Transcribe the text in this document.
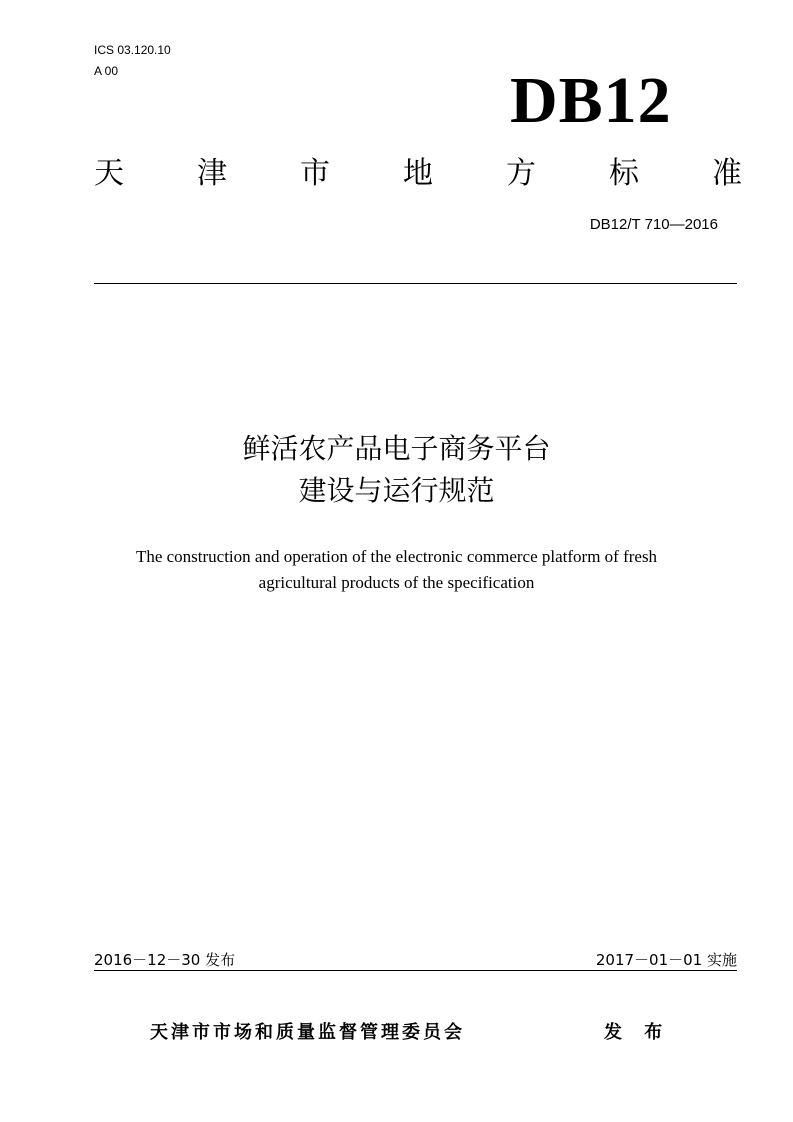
ICS 03.120.10
A 00	DB12
天 津 市 地 方 标 准
DB12/T 710—2016
鲜活农产品电子商务平台
建设与运行规范
The construction and operation of the electronic commerce platform of fresh
agricultural products of the specification
2016－12－30 发布	2017－01－01 实施
天津市市场和质量监督管理委员会	发 布
